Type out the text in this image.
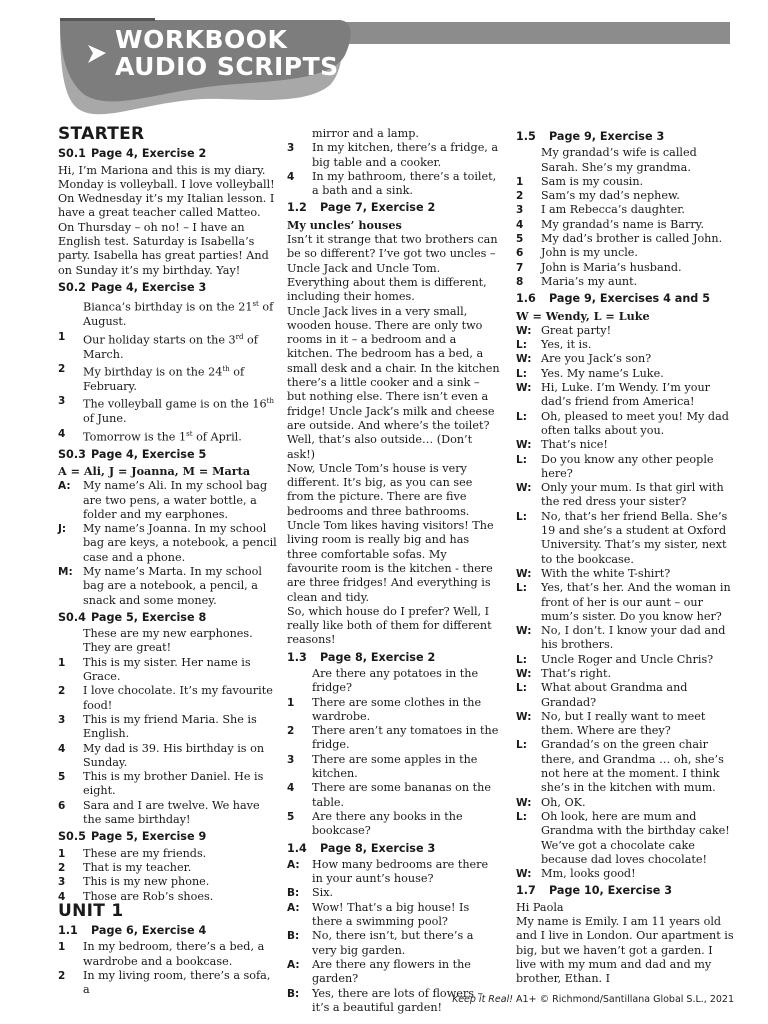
WORKBOOK
AUDIO SCRIPTS
STARTER
S0.1 Page 4, Exercise 2

Hi, I’m Mariona and this is my diary. Monday is volleyball. I love volleyball! On Wednesday it’s my Italian lesson. I have a great teacher called Matteo. On Thursday – oh no! – I have an English test. Saturday is Isabella’s party. Isabella has great parties! And on Sunday it’s my birthday. Yay!

S0.2 Page 4, Exercise 3

Bianca’s birthday is on the 21st of August.

1	Our holiday starts on the 3rd of March.
2	My birthday is on the 24th of February.
3	The volleyball game is on the 16th of June.
4	Tomorrow is the 1st of April.
S0.3 Page 4, Exercise 5
A = Ali, J = Joanna, M = Marta
A:	My name’s Ali. In my school bag are two pens, a water bottle, a folder and my earphones.
J:	My name’s Joanna. In my school bag are keys, a notebook, a pencil case and a phone.
M: My name’s Marta. In my school bag are a notebook, a pencil, a snack and some money.
S0.4 Page 5, Exercise 8

These are my new earphones. They are great!

1	This is my sister. Her name is Grace.
2	I love chocolate. It’s my favourite food!
3	This is my friend Maria. She is English.
4	My dad is 39. His birthday is on Sunday.
5	This is my brother Daniel. He is eight.
6	Sara and I are twelve. We have the same birthday!
S0.5 Page 5, Exercise 9
1	These are my friends.
2	That is my teacher.
3	This is my new phone.
4	Those are Rob’s shoes.
UNIT 1
1.1 Page 6, Exercise 4
1	In my bedroom, there’s a bed, a wardrobe and a bookcase.
2	In my living room, there’s a sofa, a

mirror and a lamp.

3	In my kitchen, there’s a fridge, a big table and a cooker.
4	In my bathroom, there’s a toilet, a bath and a sink.
1.2 Page 7, Exercise 2
My uncles’ houses

Isn’t it strange that two brothers can be so different? I’ve got two uncles – Uncle Jack and Uncle Tom. Everything about them is different, including their homes.

Uncle Jack lives in a very small, wooden house. There are only two rooms in it – a bedroom and a kitchen. The bedroom has a bed, a small desk and a chair. In the kitchen there’s a little cooker and a sink – but nothing else. There isn’t even a fridge! Uncle Jack’s milk and cheese are outside. And where’s the toilet? Well, that’s also outside… (Don’t ask!)

Now, Uncle Tom’s house is very different. It’s big, as you can see from the picture. There are five bedrooms and three bathrooms. Uncle Tom likes having visitors! The living room is really big and has three comfortable sofas. My favourite room is the kitchen - there are three fridges! And everything is clean and tidy.

So, which house do I prefer? Well, I really like both of them for different reasons!

1.3 Page 8, Exercise 2

Are there any potatoes in the fridge?

1	There are some clothes in the wardrobe.
2	There aren’t any tomatoes in the fridge.
3	There are some apples in the kitchen.
4	There are some bananas on the table.
5	Are there any books in the bookcase?
1.4 Page 8, Exercise 3
A:	How many bedrooms are there in your aunt’s house?
B:	Six.
A:	Wow! That’s a big house! Is there a swimming pool?
B:	No, there isn’t, but there’s a very big garden.
A:	Are there any flowers in the garden?
B:	Yes, there are lots of flowers – it’s a beautiful garden!
1.5 Page 9, Exercise 3

My grandad’s wife is called Sarah. She’s my grandma.

1	Sam is my cousin.
2	Sam’s my dad’s nephew.
3	I am Rebecca’s daughter.
4	My grandad’s name is Barry.
5	My dad’s brother is called John.
6	John is my uncle.
7	John is Maria’s husband.
8	Maria’s my aunt.
1.6 Page 9, Exercises 4 and 5
W = Wendy, L = Luke
W: Great party!
L:	Yes, it is.
W: Are you Jack’s son?
L:	Yes. My name’s Luke.
W: Hi, Luke. I’m Wendy. I’m your dad’s friend from America!
L:	Oh, pleased to meet you! My dad often talks about you.
W: That’s nice!
L:	Do you know any other people here?
W: Only your mum. Is that girl with the red dress your sister?
L:	No, that’s her friend Bella. She’s 19 and she’s a student at Oxford University. That’s my sister, next to the bookcase.
W: With the white T-shirt?
L:	Yes, that’s her. And the woman in front of her is our aunt – our mum’s sister. Do you know her?
W: No, I don’t. I know your dad and his brothers.
L:	Uncle Roger and Uncle Chris?
W: That’s right.
L:	What about Grandma and Grandad?
W: No, but I really want to meet them. Where are they?
L:	Grandad’s on the green chair there, and Grandma … oh, she’s not here at the moment. I think she’s in the kitchen with mum.
W: Oh, OK.
L:	Oh look, here are mum and Grandma with the birthday cake! We’ve got a chocolate cake because dad loves chocolate!
W: Mm, looks good!
1.7 Page 10, Exercise 3

Hi Paola

My name is Emily. I am 11 years old and I live in London. Our apartment is big, but we haven’t got a garden. I live with my mum and dad and my brother, Ethan. I

Keep it Real! A1+ © Richmond/Santillana Global S.L., 2021
